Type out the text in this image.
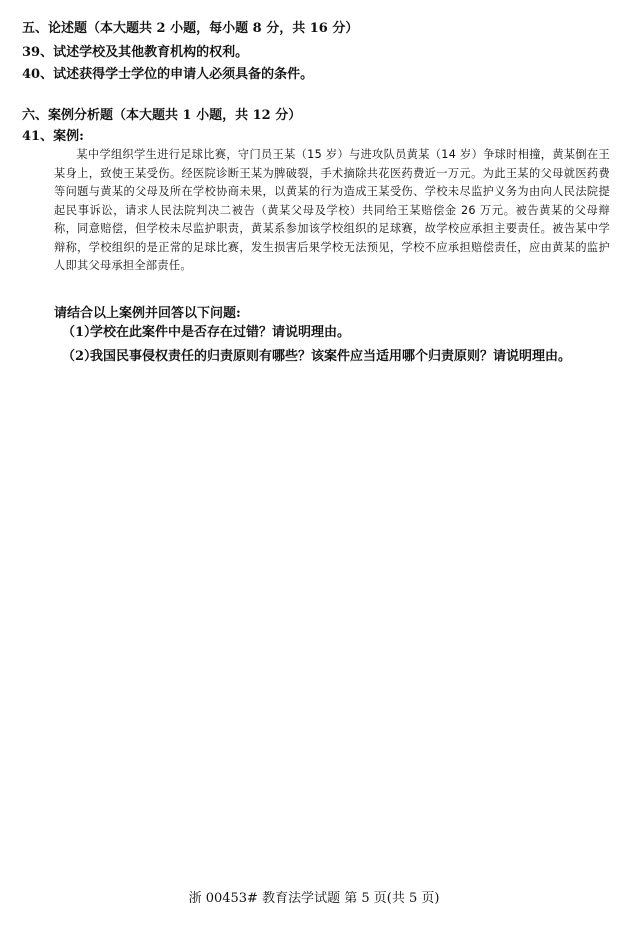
五、论述题（本大题共 2 小题，每小题 8 分，共 16 分）
39、试述学校及其他教育机构的权利。
40、试述获得学士学位的申请人必须具备的条件。
六、案例分析题（本大题共 1 小题，共 12 分）
41、案例:
某中学组织学生进行足球比赛，守门员王某（15 岁）与进攻队员黄某（14 岁）争球时相撞，黄某倒在王某身上，致使王某受伤。经医院诊断王某为脾破裂，手术摘除共花医药费近一万元。为此王某的父母就医药费等问题与黄某的父母及所在学校协商未果，以黄某的行为造成王某受伤、学校未尽监护义务为由向人民法院提起民事诉讼，请求人民法院判决二被告（黄某父母及学校）共同给王某赔偿金 26 万元。被告黄某的父母辩称，同意赔偿，但学校未尽监护职责，黄某系参加该学校组织的足球赛，故学校应承担主要责任。被告某中学辩称，学校组织的是正常的足球比赛，发生损害后果学校无法预见，学校不应承担赔偿责任，应由黄某的监护人即其父母承担全部责任。
请结合以上案例并回答以下问题:
（1）
学校在此案件中是否存在过错？请说明理由。
（2）
我国民事侵权责任的归责原则有哪些？该案件应当适用哪个归责原则？请说明理由。
浙 00453# 教育法学试题 第 5 页(共 5 页)
